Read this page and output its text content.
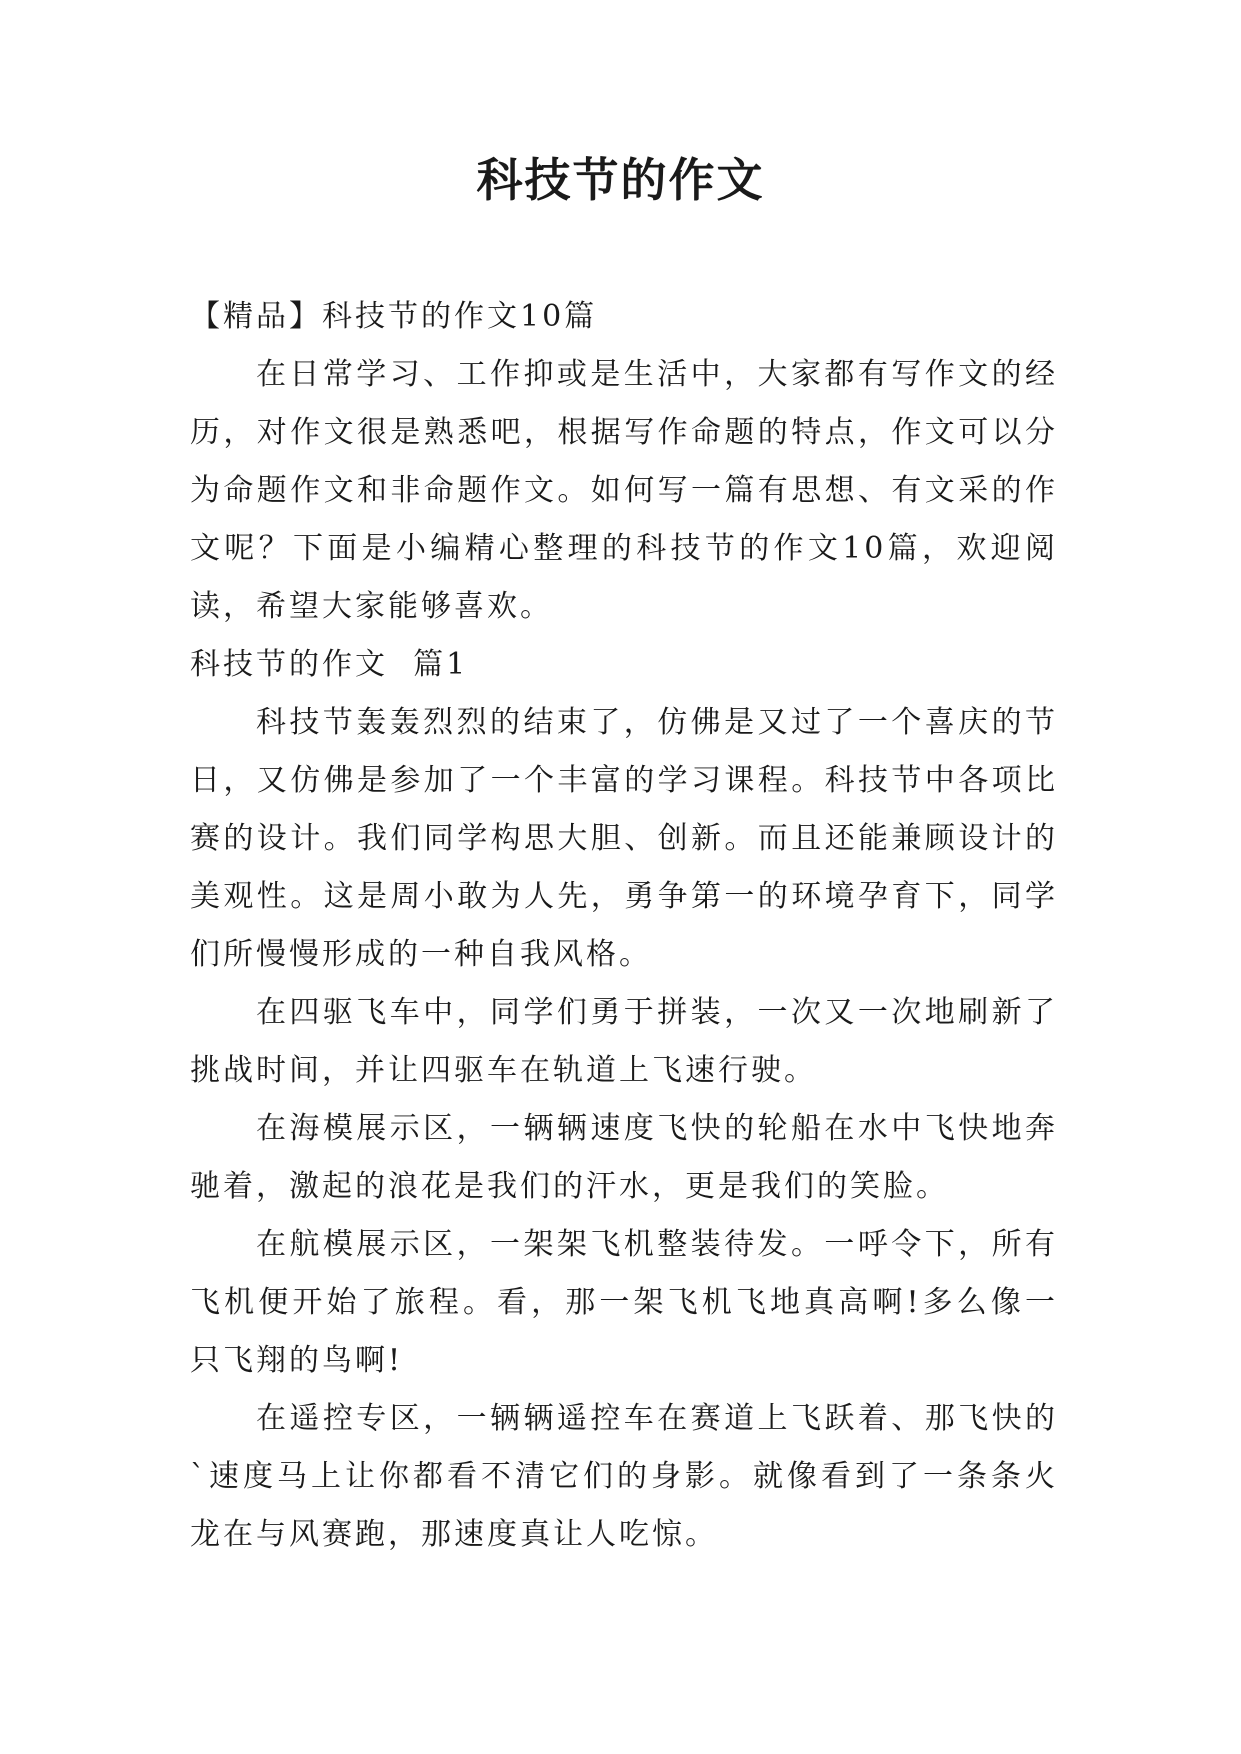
科技节的作文

【精品】科技节的作文10篇

在日常学习、工作抑或是生活中，大家都有写作文的经历，对作文很是熟悉吧，根据写作命题的特点，作文可以分为命题作文和非命题作文。如何写一篇有思想、有文采的作文呢？下面是小编精心整理的科技节的作文10篇，欢迎阅读，希望大家能够喜欢。

科技节的作文  篇1

科技节轰轰烈烈的结束了，仿佛是又过了一个喜庆的节日，又仿佛是参加了一个丰富的学习课程。科技节中各项比赛的设计。我们同学构思大胆、创新。而且还能兼顾设计的美观性。这是周小敢为人先，勇争第一的环境孕育下，同学们所慢慢形成的一种自我风格。

在四驱飞车中，同学们勇于拼装，一次又一次地刷新了挑战时间，并让四驱车在轨道上飞速行驶。

在海模展示区，一辆辆速度飞快的轮船在水中飞快地奔驰着，激起的浪花是我们的汗水，更是我们的笑脸。

在航模展示区，一架架飞机整装待发。一呼令下，所有飞机便开始了旅程。看，那一架飞机飞地真高啊!多么像一只飞翔的鸟啊!

在遥控专区，一辆辆遥控车在赛道上飞跃着、那飞快的`速度马上让你都看不清它们的身影。就像看到了一条条火龙在与风赛跑，那速度真让人吃惊。
